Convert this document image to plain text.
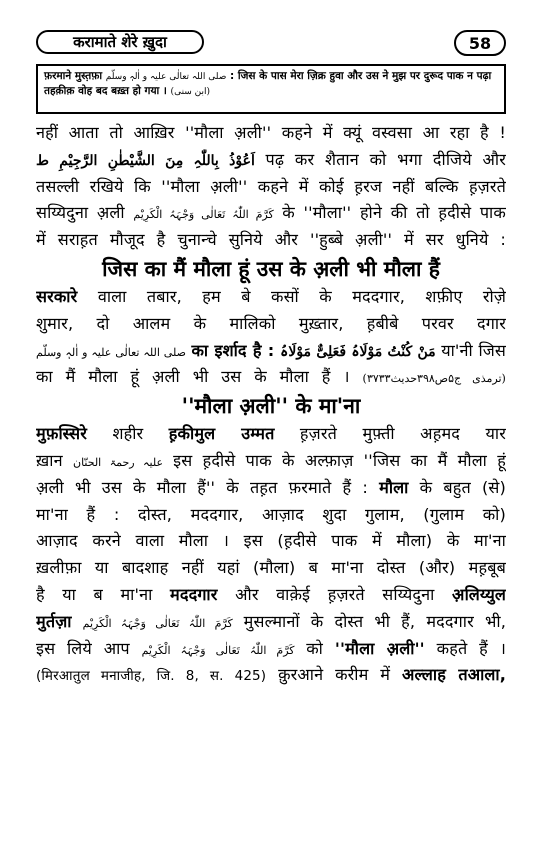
करामाते शेरे ख़ुदा	58
फ़रमाने मुस्त़फ़ा صلی اللہ تعالٰی علیہ و اٰلہٖ وسلّم : जिस के पास मेरा ज़िक्र हुवा और उस ने मुझ पर दुरूद पाक न पढ़ा तहक़ीक़ वोह बद बख़्त हो गया । (ابن سنی)
नहीं आता तो आख़िर ''मौला अ़ली'' कहने में क्यूं वस्वसा आ रहा है !
اَعُوْذُ بِاللّٰہِ مِنَ الشَّیْطٰنِ الرَّجِیْمِ ط पढ़ कर शैतान को भगा दीजिये और
तसल्ली रखिये कि ''मौला अ़ली'' कहने में कोई ह़रज नहीं बल्कि ह़ज़रते
सय्यिदुना अ़ली کَرَّمَ اللّٰہُ تَعَالٰی وَجْہَہُ الْکَرِیْم के ''मौला'' होने की तो ह़दीसे पाक
में सराह़त मौजूद है चुनान्चे सुनिये और ''हुब्बे अ़ली'' में सर धुनिये :
जिस का मैं मौला हूं उस के अ़ली भी मौला हैं
सरकारे वाला तबार, हम बे कसों के मददगार, शफ़ीए रोज़े
शुमार, दो आलम के मालिको मुख़्तार, ह़बीबे परवर दगार
صلی اللہ تعالٰی علیہ و اٰلہٖ وسلّم का इर्शाद है : مَنْ کُنْتُ مَوْلَاہُ فَعَلِیٌّ مَوْلَاہُ या'नी जिस
का मैं मौला हूं अ़ली भी उस के मौला हैं । (ترمذی ج۵ص۳۹۸حدیث۳۷۳۳)
''मौला अ़ली'' के मा'ना
मुफ़स्सिरे शहीर ह़कीमुल उम्मत ह़ज़रते मुफ़्ती अह़मद यार
ख़ान علیہ رحمۃ الحنّان इस ह़दीसे पाक के अल्फ़ाज़ ''जिस का मैं मौला हूं
अ़ली भी उस के मौला हैं'' के तह़त फ़रमाते हैं : मौला के बहुत (से)
मा'ना हैं : दोस्त, मददगार, आज़ाद शुदा गुलाम, (गुलाम को)
आज़ाद करने वाला मौला । इस (ह़दीसे पाक में मौला) के मा'ना
ख़लीफ़ा या बादशाह नहीं यहां (मौला) ब मा'ना दोस्त (और) मह़बूब
है या ब मा'ना मददगार और वाक़ेई ह़ज़रते सय्यिदुना अ़लिय्युल
मुर्तज़ा کَرَّمَ اللّٰہُ تَعَالٰی وَجْہَہُ الْکَرِیْم मुसल्मानों के दोस्त भी हैं, मददगार भी,
इस लिये आप کَرَّمَ اللّٰہُ تَعَالٰی وَجْہَہُ الْکَرِیْم को ''मौला अ़ली'' कहते हैं ।
(मिरआतुल मनाजीह, जि. 8, स. 425) कु़रआने करीम में अल्लाह तआला,
